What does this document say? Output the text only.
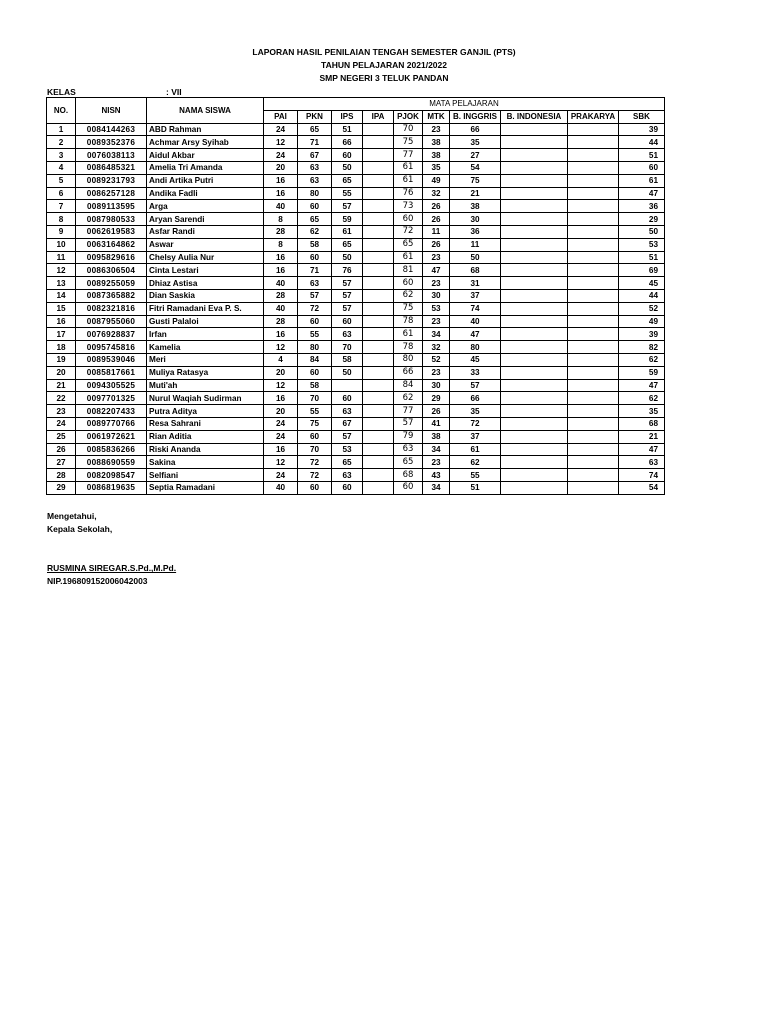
LAPORAN HASIL PENILAIAN TENGAH SEMESTER GANJIL (PTS)
TAHUN PELAJARAN 2021/2022
SMP NEGERI 3 TELUK PANDAN
KELAS	: VII
NO.	NISN	NAMA SISWA	MATA PELAJARAN									
			PAI	PKN	IPS	IPA	PJOK	MTK	B. INGGRIS	B. INDONESIA	PRAKARYA	SBK
1	0084144263	ABD Rahman	24	65	51		70	23	66			39
2	0089352376	Achmar Arsy Syihab	12	71	66		75	38	35			44
3	0076038113	Aidul Akbar	24	67	60		77	38	27			51
4	0086485321	Amelia Tri Amanda	20	63	50		61	35	54			60
5	0089231793	Andi Artika Putri	16	63	65		61	49	75			61
6	0086257128	Andika Fadli	16	80	55		76	32	21			47
7	0089113595	Arga	40	60	57		73	26	38			36
8	0087980533	Aryan Sarendi	8	65	59		60	26	30			29
9	0062619583	Asfar Randi	28	62	61		72	11	36			50
10	0063164862	Aswar	8	58	65		65	26	11			53
11	0095829616	Chelsy Aulia Nur	16	60	50		61	23	50			51
12	0086306504	Cinta Lestari	16	71	76		81	47	68			69
13	0089255059	Dhiaz Astisa	40	63	57		60	23	31			45
14	0087365882	Dian Saskia	28	57	57		62	30	37			44
15	0082321816	Fitri Ramadani Eva P. S.	40	72	57		75	53	74			52
16	0087955060	Gusti Palaloi	28	60	60		78	23	40			49
17	0076928837	Irfan	16	55	63		61	34	47			39
18	0095745816	Kamelia	12	80	70		78	32	80			82
19	0089539046	Meri	4	84	58		80	52	45			62
20	0085817661	Muliya Ratasya	20	60	50		66	23	33			59
21	0094305525	Muti'ah	12	58			84	30	57			47
22	0097701325	Nurul Waqiah Sudirman	16	70	60		62	29	66			62
23	0082207433	Putra Aditya	20	55	63		77	26	35			35
24	0089770766	Resa Sahrani	24	75	67		57	41	72			68
25	0061972621	Rian Aditia	24	60	57		79	38	37			21
26	0085836266	Riski Ananda	16	70	53		63	34	61			47
27	0088690559	Sakina	12	72	65		65	23	62			63
28	0082098547	Selfiani	24	72	63		68	43	55			74
29	0086819635	Septia Ramadani	40	60	60		60	34	51			54
Mengetahui,
Kepala Sekolah,
RUSMINA SIREGAR.S.Pd.,M.Pd.
NIP.196809152006042003
